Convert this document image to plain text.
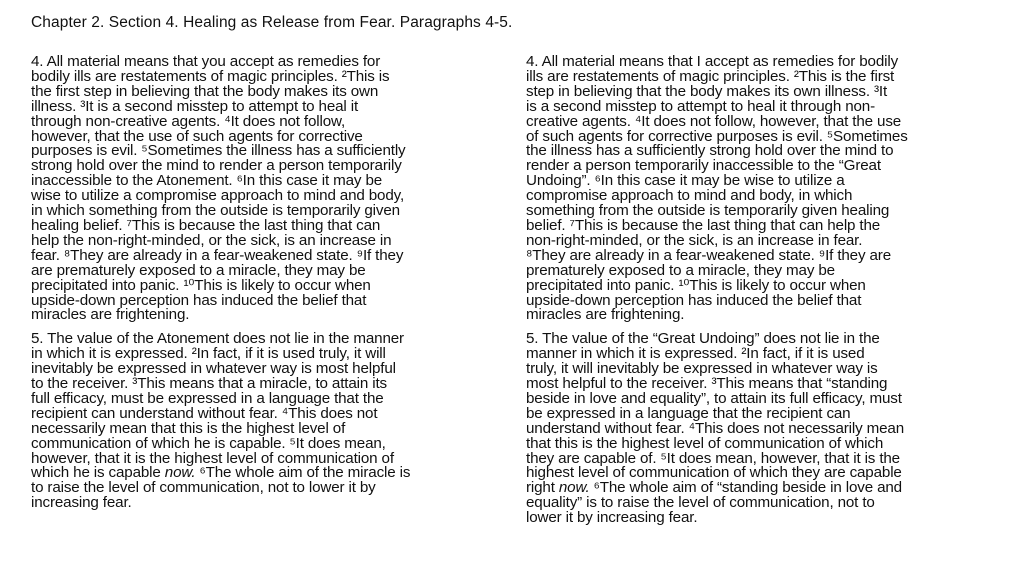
Chapter 2. Section 4. Healing as Release from Fear. Paragraphs 4-5.
4. All material means that you accept as remedies for
bodily ills are restatements of magic principles. ²This is
the first step in believing that the body makes its own
illness. ³It is a second misstep to attempt to heal it
through non-creative agents. ⁴It does not follow,
however, that the use of such agents for corrective
purposes is evil. ⁵Sometimes the illness has a sufficiently
strong hold over the mind to render a person temporarily
inaccessible to the Atonement. ⁶In this case it may be
wise to utilize a compromise approach to mind and body,
in which something from the outside is temporarily given
healing belief. ⁷This is because the last thing that can
help the non-right-minded, or the sick, is an increase in
fear. ⁸They are already in a fear-weakened state. ⁹If they
are prematurely exposed to a miracle, they may be
precipitated into panic. ¹⁰This is likely to occur when
upside-down perception has induced the belief that
miracles are frightening.
5. The value of the Atonement does not lie in the manner
in which it is expressed. ²In fact, if it is used truly, it will
inevitably be expressed in whatever way is most helpful
to the receiver. ³This means that a miracle, to attain its
full efficacy, must be expressed in a language that the
recipient can understand without fear. ⁴This does not
necessarily mean that this is the highest level of
communication of which he is capable. ⁵It does mean,
however, that it is the highest level of communication of
which he is capable now. ⁶The whole aim of the miracle is
to raise the level of communication, not to lower it by
increasing fear.
4. All material means that I accept as remedies for bodily
ills are restatements of magic principles. ²This is the first
step in believing that the body makes its own illness. ³It
is a second misstep to attempt to heal it through non-
creative agents. ⁴It does not follow, however, that the use
of such agents for corrective purposes is evil. ⁵Sometimes
the illness has a sufficiently strong hold over the mind to
render a person temporarily inaccessible to the “Great
Undoing”. ⁶In this case it may be wise to utilize a
compromise approach to mind and body, in which
something from the outside is temporarily given healing
belief. ⁷This is because the last thing that can help the
non-right-minded, or the sick, is an increase in fear.
⁸They are already in a fear-weakened state. ⁹If they are
prematurely exposed to a miracle, they may be
precipitated into panic. ¹⁰This is likely to occur when
upside-down perception has induced the belief that
miracles are frightening.
5. The value of the “Great Undoing” does not lie in the
manner in which it is expressed. ²In fact, if it is used
truly, it will inevitably be expressed in whatever way is
most helpful to the receiver. ³This means that “standing
beside in love and equality”, to attain its full efficacy, must
be expressed in a language that the recipient can
understand without fear. ⁴This does not necessarily mean
that this is the highest level of communication of which
they are capable of. ⁵It does mean, however, that it is the
highest level of communication of which they are capable
right now. ⁶The whole aim of “standing beside in love and
equality” is to raise the level of communication, not to
lower it by increasing fear.
